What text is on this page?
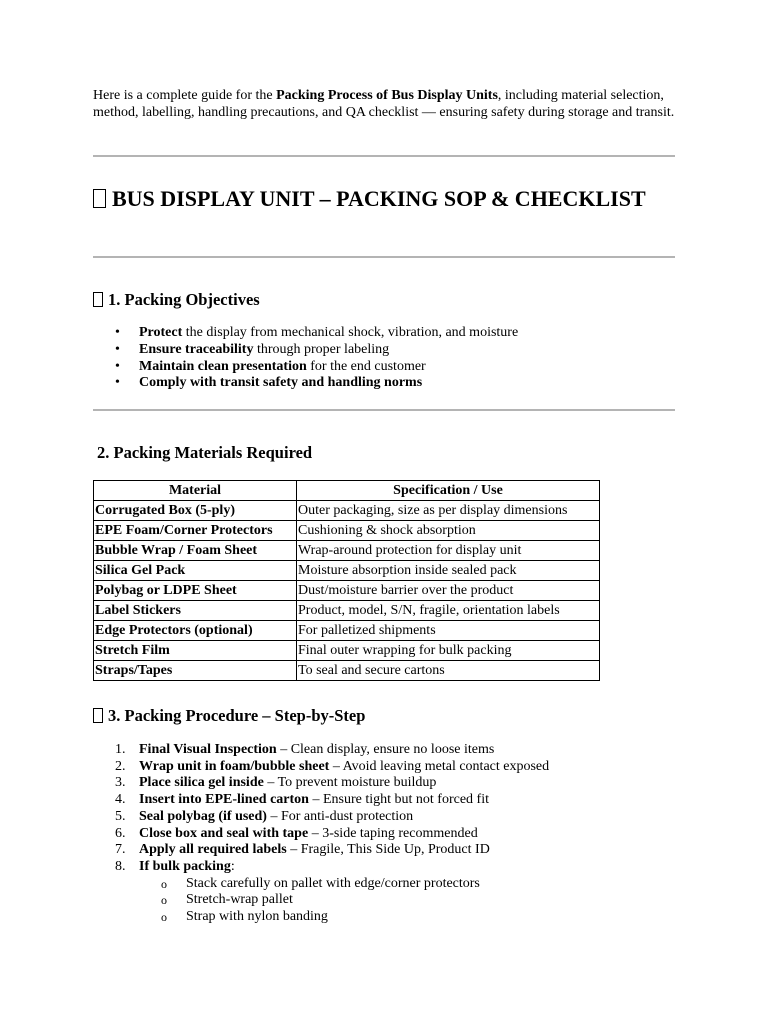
Here is a complete guide for the Packing Process of Bus Display Units, including material selection, method, labelling, handling precautions, and QA checklist — ensuring safety during storage and transit.

BUS DISPLAY UNIT – PACKING SOP & CHECKLIST
1. Packing Objectives
• Protect the display from mechanical shock, vibration, and moisture
• Ensure traceability through proper labeling
• Maintain clean presentation for the end customer
• Comply with transit safety and handling norms
2. Packing Materials Required
Material	Specification / Use
Corrugated Box (5-ply)	Outer packaging, size as per display dimensions
EPE Foam/Corner Protectors	Cushioning & shock absorption
Bubble Wrap / Foam Sheet	Wrap-around protection for display unit
Silica Gel Pack	Moisture absorption inside sealed pack
Polybag or LDPE Sheet	Dust/moisture barrier over the product
Label Stickers	Product, model, S/N, fragile, orientation labels
Edge Protectors (optional)	For palletized shipments
Stretch Film	Final outer wrapping for bulk packing
Straps/Tapes	To seal and secure cartons
3. Packing Procedure – Step-by-Step
1. Final Visual Inspection – Clean display, ensure no loose items
2. Wrap unit in foam/bubble sheet – Avoid leaving metal contact exposed
3. Place silica gel inside – To prevent moisture buildup
4. Insert into EPE-lined carton – Ensure tight but not forced fit
5. Seal polybag (if used) – For anti-dust protection
6. Close box and seal with tape – 3-side taping recommended
7. Apply all required labels – Fragile, This Side Up, Product ID
8. If bulk packing:
o Stack carefully on pallet with edge/corner protectors
o Stretch-wrap pallet
o Strap with nylon banding
